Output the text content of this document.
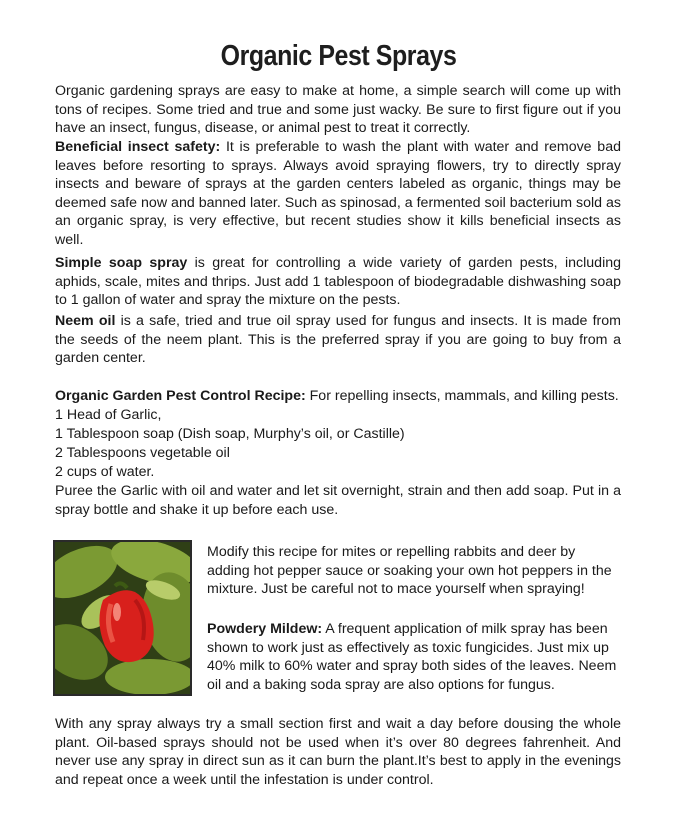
Organic Pest Sprays

Organic gardening sprays are easy to make at home, a simple search will come up with tons of recipes. Some tried and true and some just wacky. Be sure to first figure out if you have an insect, fungus, disease, or animal pest to treat it correctly.

Beneficial insect safety: It is preferable to wash the plant with water and remove bad leaves before resorting to sprays. Always avoid spraying flowers, try to directly spray insects and beware of sprays at the garden centers labeled as organic, things may be deemed safe now and banned later. Such as spinosad, a fermented soil bacterium sold as an organic spray, is very effective, but recent studies show it kills beneficial insects as well.

Simple soap spray is great for controlling a wide variety of garden pests, including aphids, scale, mites and thrips. Just add 1 tablespoon of biodegradable dishwashing soap to 1 gallon of water and spray the mixture on the pests.

Neem oil is a safe, tried and true oil spray used for fungus and insects. It is made from the seeds of the neem plant. This is the preferred spray if you are going to buy from a garden center.

Organic Garden Pest Control Recipe: For repelling insects, mammals, and killing pests.

1 Head of Garlic,
1 Tablespoon soap (Dish soap, Murphy’s oil, or Castille)
2 Tablespoons vegetable oil
2 cups of water.

Puree the Garlic with oil and water and let sit overnight, strain and then add soap. Put in a spray bottle and shake it up before each use.

Modify this recipe for mites or repelling rabbits and deer by adding hot pepper sauce or soaking your own hot peppers in the mixture. Just be careful not to mace yourself when spraying!

Powdery Mildew: A frequent application of milk spray has been shown to work just as effectively as toxic fungicides. Just mix up 40% milk to 60% water and spray both sides of the leaves. Neem oil and a baking soda spray are also options for fungus.

With any spray always try a small section first and wait a day before dousing the whole plant. Oil-based sprays should not be used when it’s over 80 degrees fahrenheit. And never use any spray in direct sun as it can burn the plant.It’s best to apply in the evenings and repeat once a week until the infestation is under control.
